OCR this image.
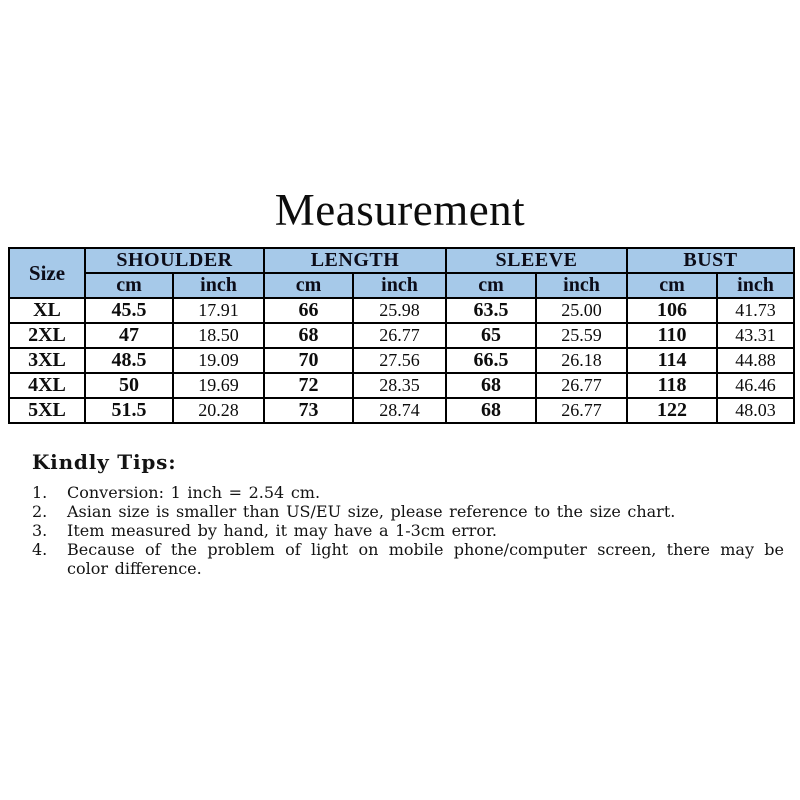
Measurement
Size	SHOULDER		LENGTH		SLEEVE		BUST	
	cm	inch	cm	inch	cm	inch	cm	inch
XL	45.5	17.91	66	25.98	63.5	25.00	106	41.73
2XL	47	18.50	68	26.77	65	25.59	110	43.31
3XL	48.5	19.09	70	27.56	66.5	26.18	114	44.88
4XL	50	19.69	72	28.35	68	26.77	118	46.46
5XL	51.5	20.28	73	28.74	68	26.77	122	48.03
Kindly Tips:
1.	Conversion: 1 inch = 2.54 cm.
2.	Asian size is smaller than US/EU size, please reference to the size chart.
3.	Item measured by hand, it may have a 1-3cm error.
4.	Because of the problem of light on mobile phone/computer screen, there may be color difference.
